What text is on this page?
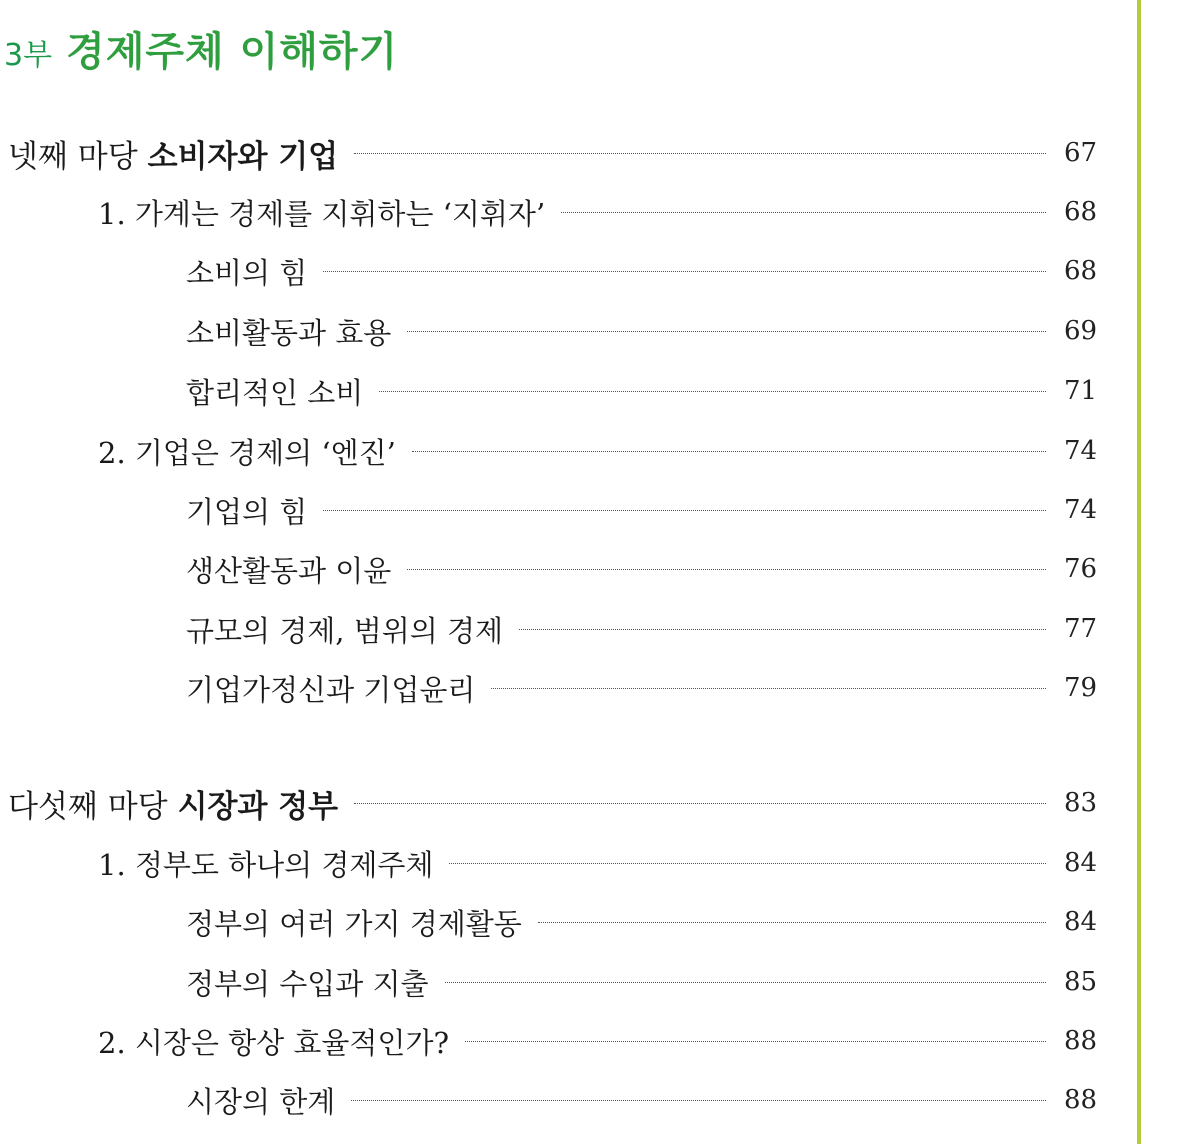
3부 경제주체 이해하기
넷째 마당 소비자와 기업	67
1. 가계는 경제를 지휘하는 ‘지휘자’	68
소비의 힘	68
소비활동과 효용	69
합리적인 소비	71
2. 기업은 경제의 ‘엔진’	74
기업의 힘	74
생산활동과 이윤	76
규모의 경제, 범위의 경제	77
기업가정신과 기업윤리	79
다섯째 마당 시장과 정부	83
1. 정부도 하나의 경제주체	84
정부의 여러 가지 경제활동	84
정부의 수입과 지출	85
2. 시장은 항상 효율적인가?	88
시장의 한계	88
